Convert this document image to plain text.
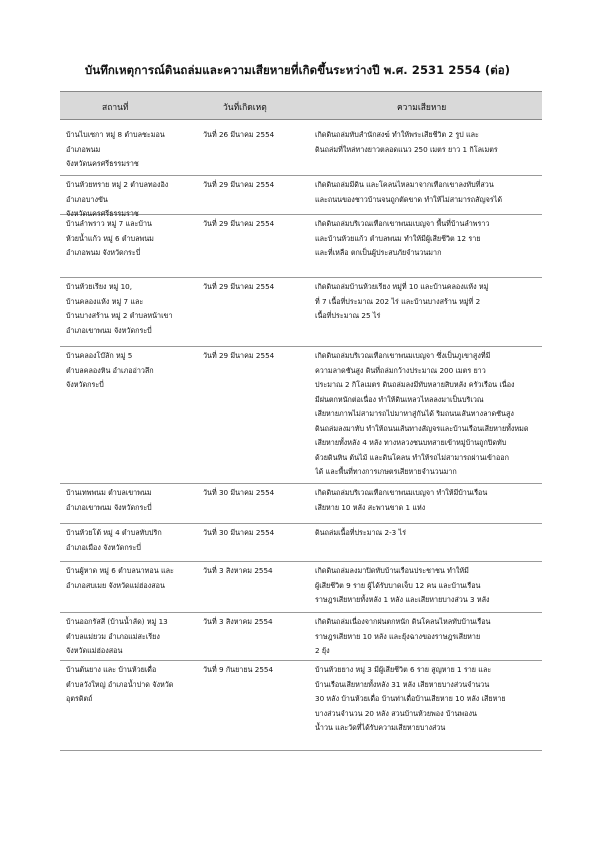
บันทึกเหตุการณ์ดินถล่มและความเสียหายที่เกิดขึ้นระหว่างปี พ.ศ. 2531 2554 (ต่อ)
สถานที่	วันที่เกิดเหตุ	ความเสียหาย
บ้านไบเซกา หมู่ 8 ตำบลชะมอน
อำเภอพนม
จังหวัดนครศรีธรรมราช
วันที่ 26 มีนาคม 2554	เกิดดินถล่มทับสำนักสงฆ์ ทำให้พระเสียชีวิต 2 รูป และ
ดินถล่มที่ใหล่ทางยาวตลอดแนว 250 เมตร ยาว 1 กิโลเมตร
บ้านห้วยทราย หมู่ 2 ตำบลทองอิง
อำเภอบางขัน
จังหวัดนครศรีธรรมราช
วันที่ 29 มีนาคม 2554	เกิดดินถล่มมีดิน และโคลนไหลมาจากเทือกเขาลงทับที่สวน
และถนนของชาวบ้านจนถูกตัดขาด ทำให้ไม่สามารถสัญจรได้
บ้านลำพราว หมู่ 7 และบ้าน
ห้วยน้ำแก้ว หมู่ 6 ตำบลพนม
อำเภอพนม จังหวัดกระบี่
วันที่ 29 มีนาคม 2554	เกิดดินถล่มบริเวณเทือกเขาพนมเบญจา พื้นที่บ้านลำพราว
และบ้านห้วยแก้ว ตำบลพนม ทำให้มีผู้เสียชีวิต 12 ราย
และที่เหลือ ตกเป็นผู้ประสบภัยจำนวนมาก
บ้านห้วยเรียง หมู่ 10,
บ้านคลองแห้ง หมู่ 7 และ
บ้านบางสร้าน หมู่ 2 ตำบลหน้าเขา
อำเภอเขาพนม จังหวัดกระบี่
วันที่ 29 มีนาคม 2554	เกิดดินถล่มบ้านห้วยเรียง หมู่ที่ 10 และบ้านคลองแห้ง หมู่
ที่ 7 เนื้อที่ประมาณ 202 ไร่ และบ้านบางสร้าน หมู่ที่ 2
เนื้อที่ประมาณ 25 ไร่
บ้านคลองโบ๊ลัก หมู่ 5
ตำบลคลองหิน อำเภออ่าวลึก
จังหวัดกระบี่
วันที่ 29 มีนาคม 2554	เกิดดินถล่มบริเวณเทือกเขาพนมเบญจา ซึ่งเป็นภูเขาสูงที่มี
ความลาดชันสูง ดินที่ถล่มกว้างประมาณ 200 เมตร ยาว
ประมาณ 2 กิโลเมตร ดินถล่มลงมีทับหลายสิบหลัง ครัวเรือน เนื่อง
มีฝนตกหนักต่อเนื่อง ทำให้ดินเหลวไหลลงมาเป็นบริเวณ
เสียหายภาพไม่สามารถไปมาหาสู่กันได้ ริมถนนเส้นทางลาดชันสูง
ดินถล่มลงมาทับ ทำให้ถนนเส้นทางสัญจรและบ้านเรือนเสียหายทั้งหมด
เสียหายทั้งหลัง 4 หลัง ทางหลวงชนบทสายเข้าหมู่บ้านถูกปิดทับ
ด้วยดินหิน ต้นไม้ และดินโคลน ทำให้รถไม่สามารถผ่านเข้าออก
ได้ และพื้นที่ทางการเกษตรเสียหายจำนวนมาก
บ้านเทพพนม ตำบลเขาพนม
อำเภอเขาพนม จังหวัดกระบี่
วันที่ 30 มีนาคม 2554	เกิดดินถล่มบริเวณเทือกเขาพนมเบญจา ทำให้มีบ้านเรือน
เสียหาย 10 หลัง สะพานขาด 1 แห่ง
บ้านห้วยโต้ หมู่ 4 ตำบลทับปริก
อำเภอเมือง จังหวัดกระบี่
วันที่ 30 มีนาคม 2554	ดินถล่มเนื้อที่ประมาณ 2-3 ไร่
บ้านผู้หาด หมู่ 6 ตำบลนาทอน และ
อำเภอสบเมย จังหวัดแม่ฮ่องสอน
วันที่ 3 สิงหาคม 2554	เกิดดินถล่มลงมาปิดทับบ้านเรือนประชาชน ทำให้มี
ผู้เสียชีวิต 9 ราย ผู้ได้รับบาดเจ็บ 12 คน และบ้านเรือน
ราษฎรเสียหายทั้งหลัง 1 หลัง และเสียหายบางส่วน 3 หลัง
บ้านออกรัสสี (บ้านน้ำลัด) หมู่ 13
ตำบลแม่ยวม อำเภอแม่สะเรียง
จังหวัดแม่ฮ่องสอน
วันที่ 3 สิงหาคม 2554	เกิดดินถล่มเนื่องจากฝนตกหนัก ดินโคลนไหลทับบ้านเรือน
ราษฎรเสียหาย 10 หลัง และยุ้งฉางของราษฎรเสียหาย
2 ยุ้ง
บ้านต้นยาง และ บ้านห้วยเดื่อ
ตำบลวังใหญ่ อำเภอน้ำปาด จังหวัด
อุตรดิตถ์
วันที่ 9 กันยายน 2554	บ้านห้วยยาง หมู่ 3 มีผู้เสียชีวิต 6 ราย สูญหาย 1 ราย และ
บ้านเรือนเสียหายทั้งหลัง 31 หลัง เสียหายบางส่วนจำนวน
30 หลัง บ้านห้วยเดื่อ บ้านท่าเดื่อบ้านเสียหาย 10 หลัง เสียหาย
บางส่วนจำนวน 20 หลัง สวนบ้านห้วยพอง บ้านพองน
น้ำวน และวัดที่ได้รับความเสียหายบางส่วน
